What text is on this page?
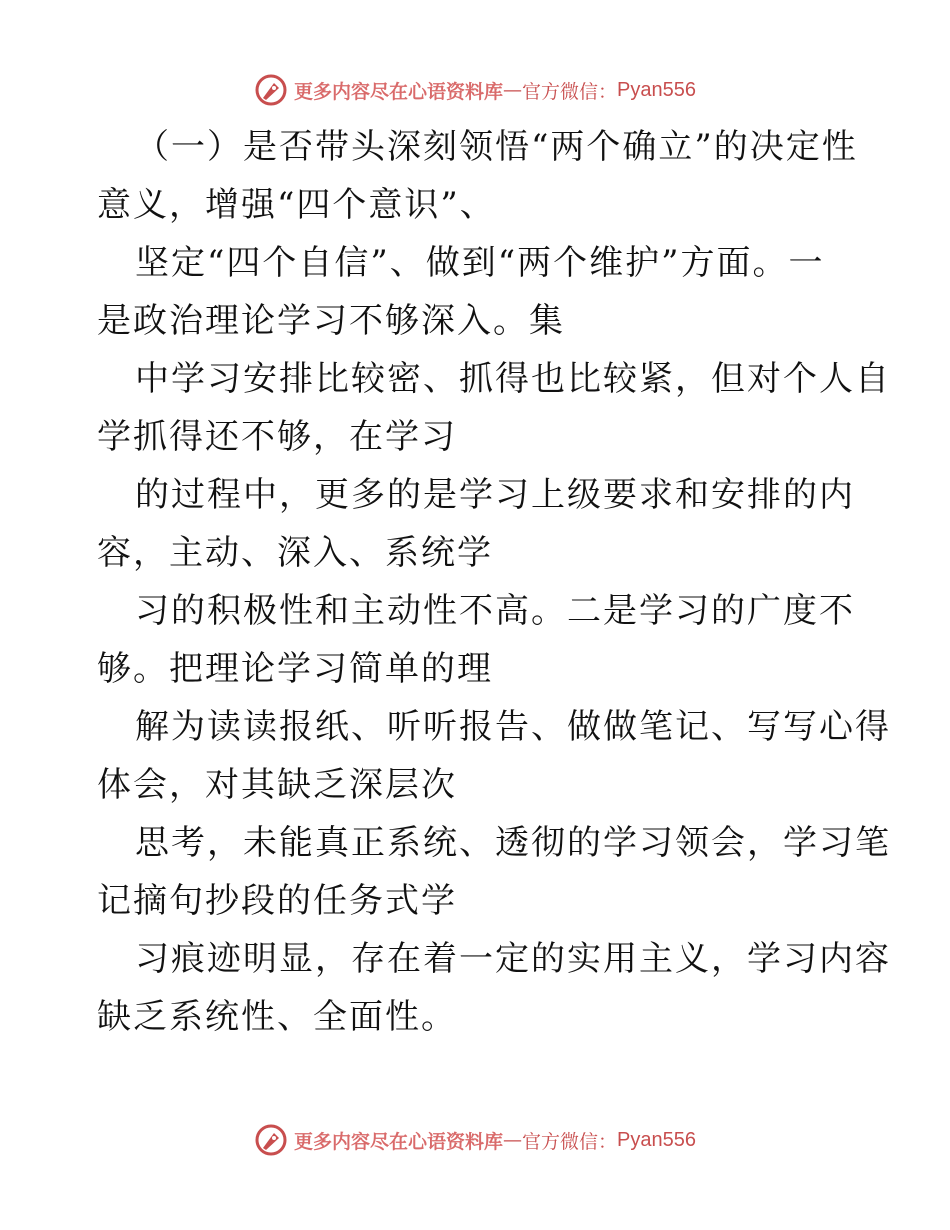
更多内容尽在心语资料库 — 官方微信： Pyan556
（一）是否带头深刻领悟“两个确立”的决定性
意义，增强“四个意识”、
坚定“四个自信”、做到“两个维护”方面。一
是政治理论学习不够深入。集
中学习安排比较密、抓得也比较紧，但对个人自
学抓得还不够，在学习
的过程中，更多的是学习上级要求和安排的内
容，主动、深入、系统学
习的积极性和主动性不高。二是学习的广度不
够。把理论学习简单的理
解为读读报纸、听听报告、做做笔记、写写心得
体会，对其缺乏深层次
思考，未能真正系统、透彻的学习领会，学习笔
记摘句抄段的任务式学
习痕迹明显，存在着一定的实用主义，学习内容
缺乏系统性、全面性。
更多内容尽在心语资料库 — 官方微信： Pyan556
